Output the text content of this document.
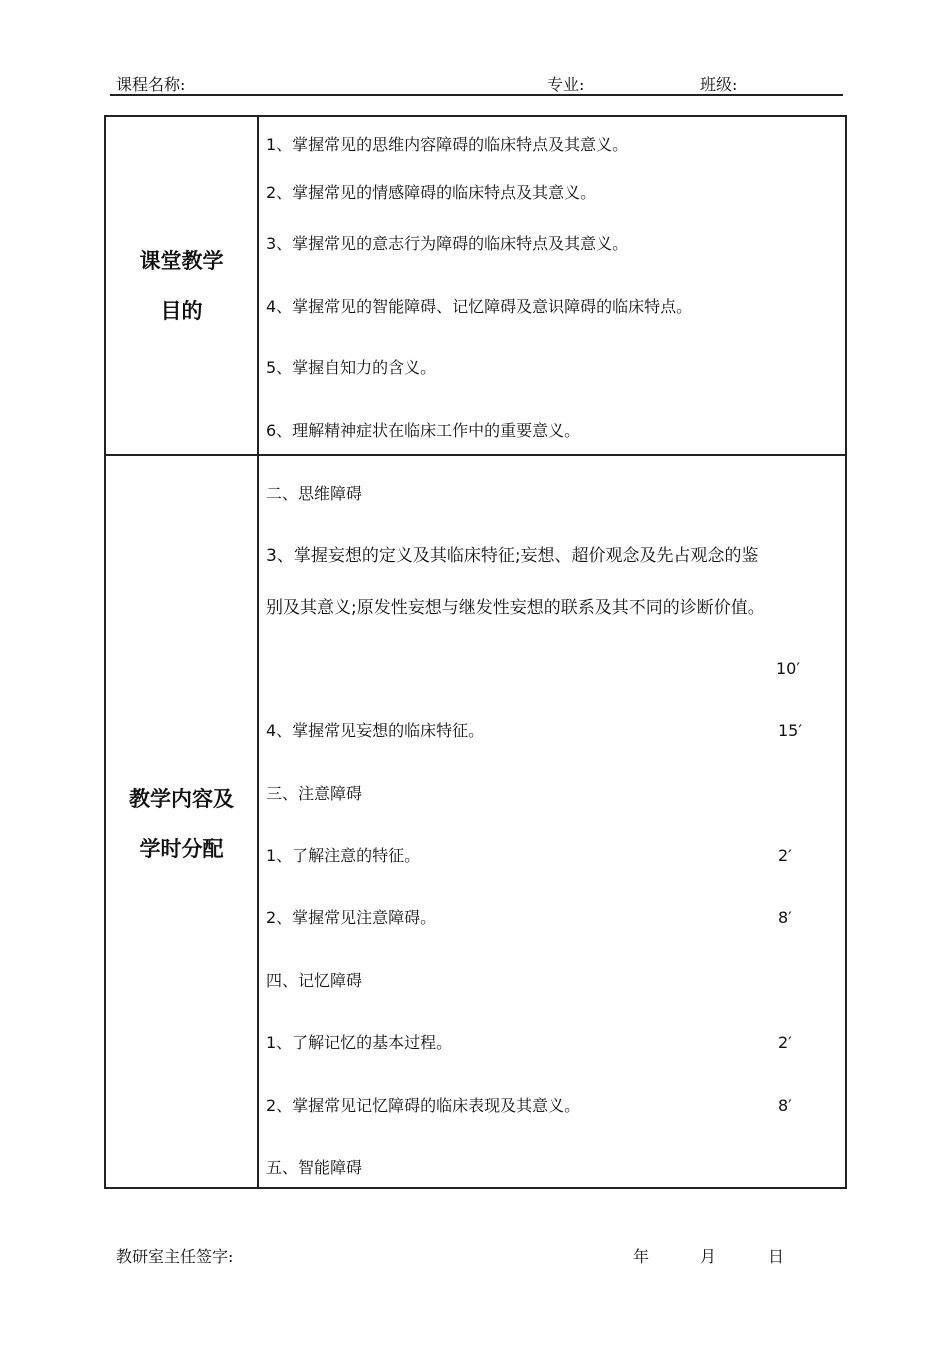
课程名称:	专业:	班级:
课堂教学
目的
1、掌握常见的思维内容障碍的临床特点及其意义。
2、掌握常见的情感障碍的临床特点及其意义。
3、掌握常见的意志行为障碍的临床特点及其意义。
4、掌握常见的智能障碍、记忆障碍及意识障碍的临床特点。
5、掌握自知力的含义。
6、理解精神症状在临床工作中的重要意义。
教学内容及
学时分配
二、思维障碍
3、掌握妄想的定义及其临床特征;妄想、超价观念及先占观念的鉴
别及其意义;原发性妄想与继发性妄想的联系及其不同的诊断价值。
10′
4、掌握常见妄想的临床特征。	15′
三、注意障碍
1、了解注意的特征。	2′
2、掌握常见注意障碍。	8′
四、记忆障碍
1、了解记忆的基本过程。	2′
2、掌握常见记忆障碍的临床表现及其意义。	8′
五、智能障碍
教研室主任签字:	年	月	日
